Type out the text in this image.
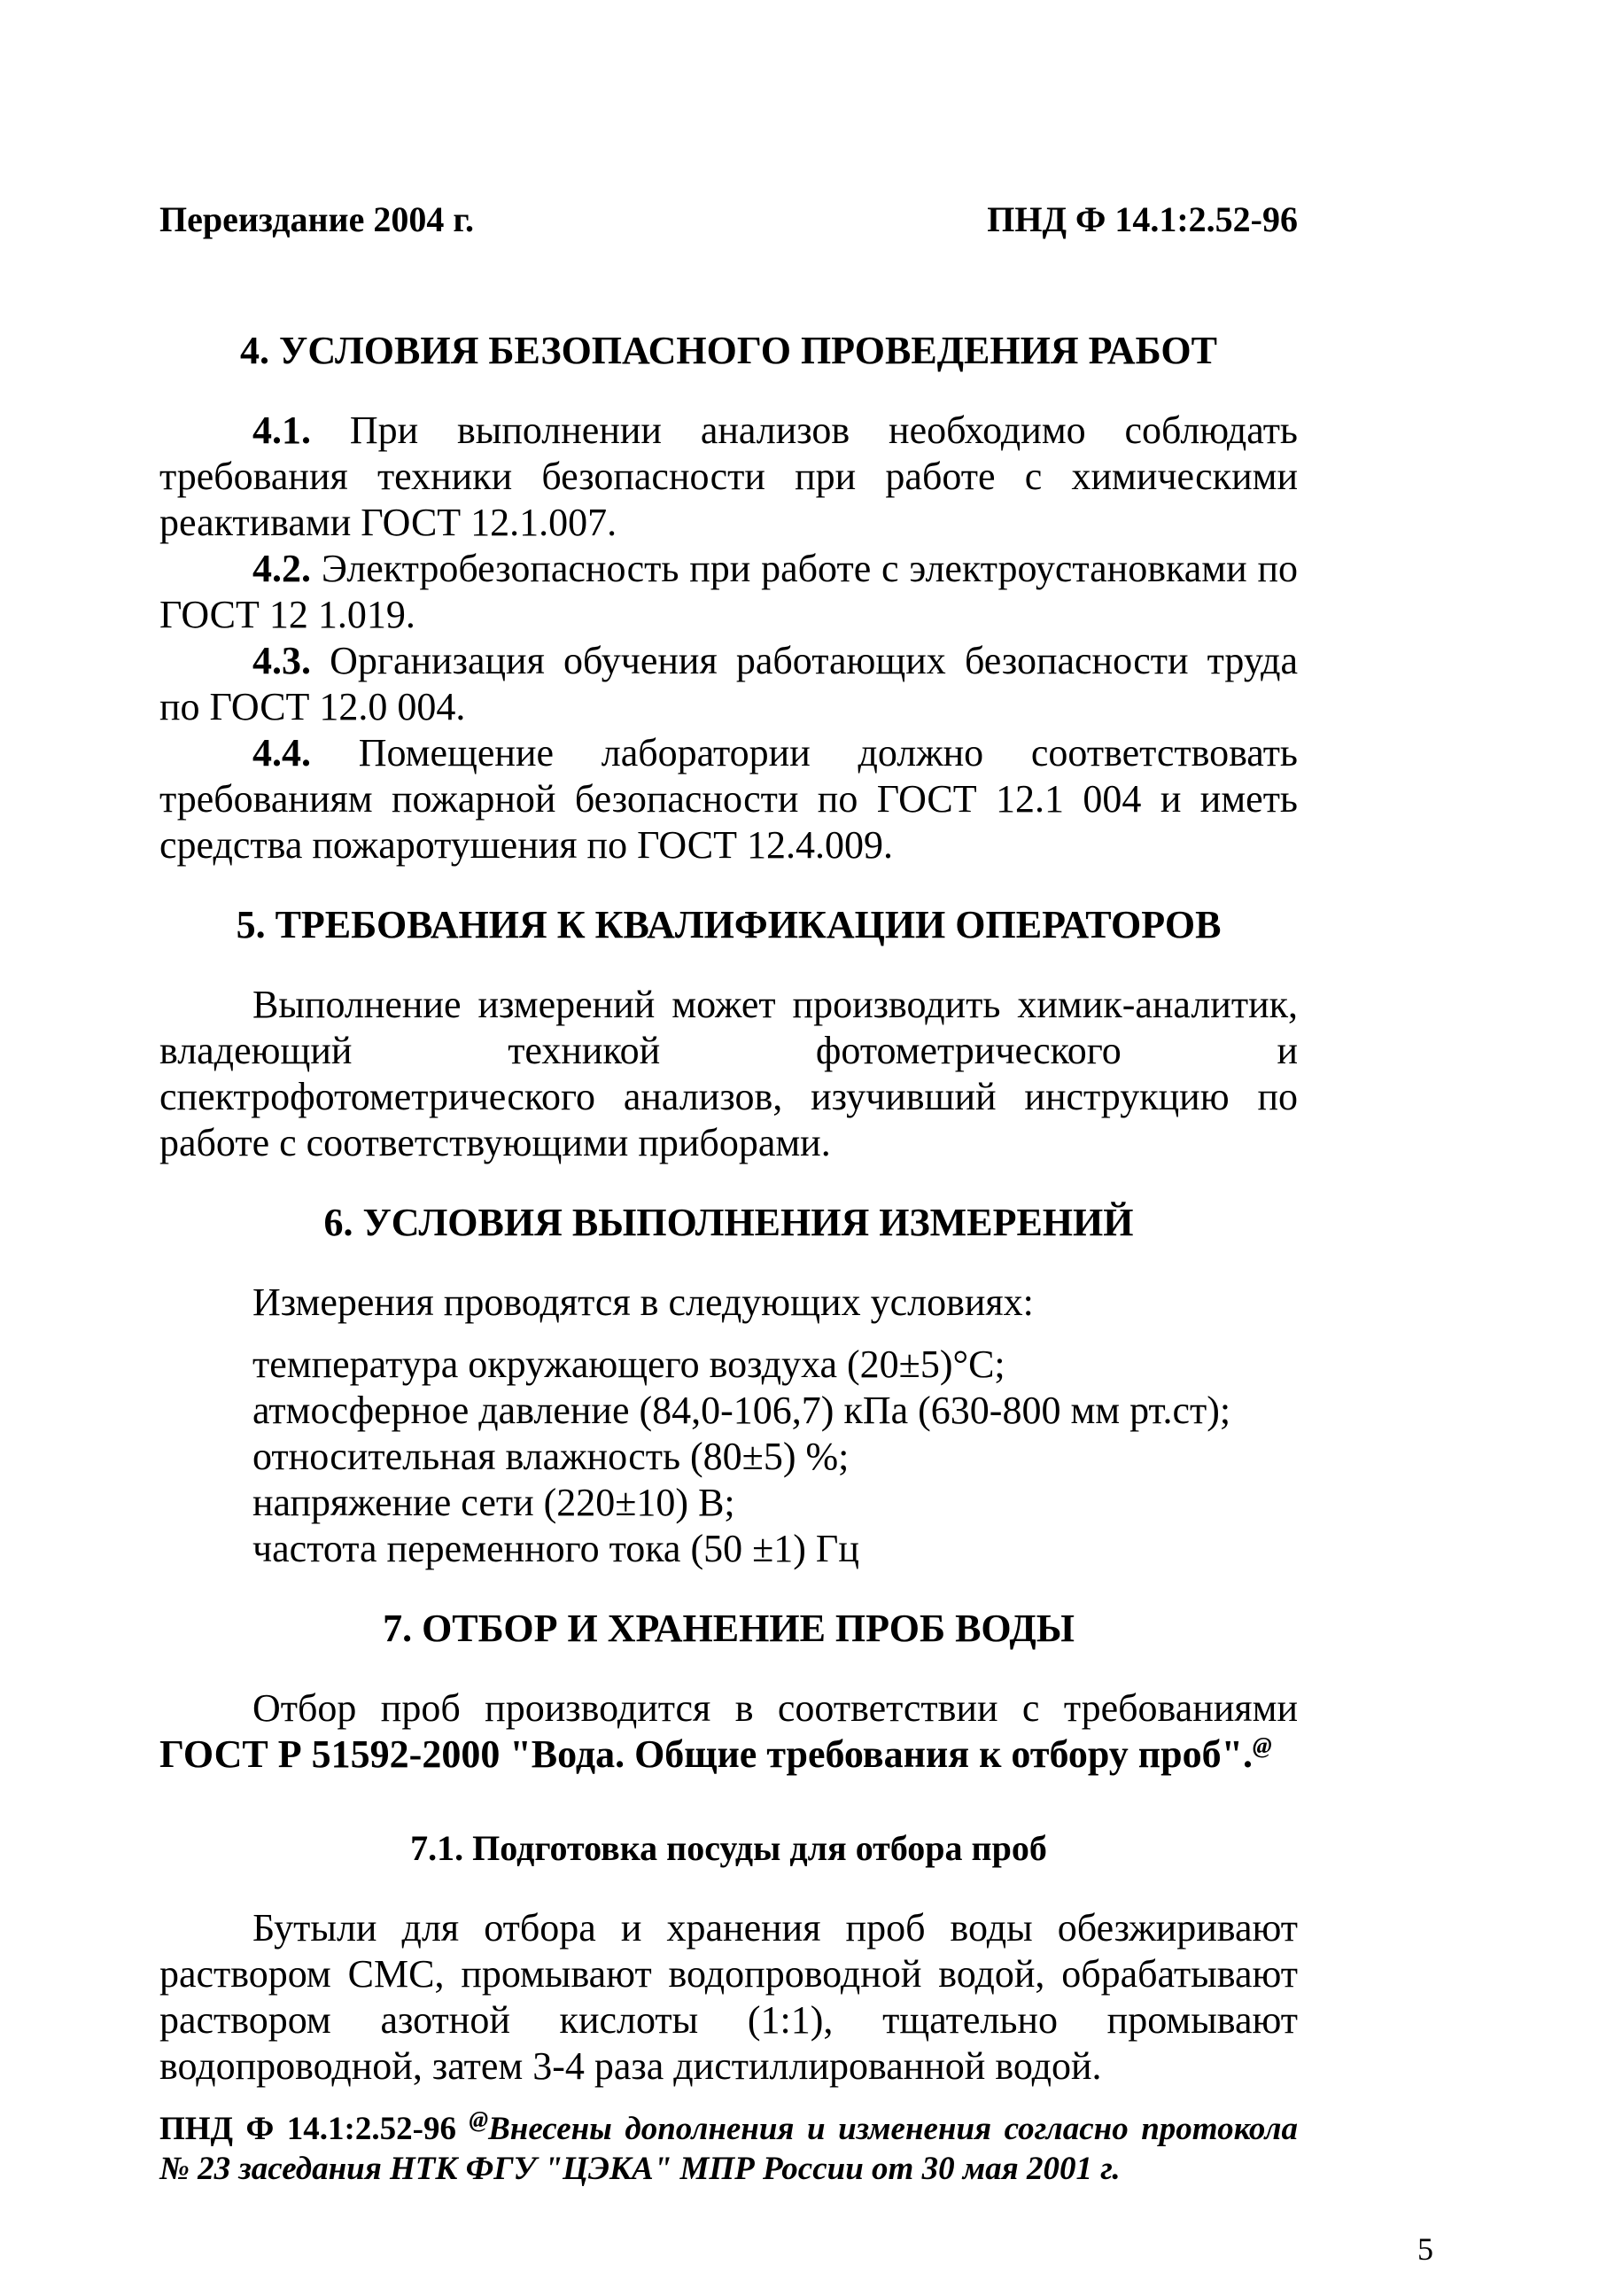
Переиздание 2004 г.	ПНД Ф 14.1:2.52-96
4. УСЛОВИЯ БЕЗОПАСНОГО ПРОВЕДЕНИЯ РАБОТ

4.1. При выполнении анализов необходимо соблюдать требования техники безопасности при работе с химическими реактивами ГОСТ 12.1.007.

4.2. Электробезопасность при работе с электроустановками по ГОСТ 12 1.019.

4.3. Организация обучения работающих безопасности труда по ГОСТ 12.0 004.

4.4. Помещение лаборатории должно соответствовать требованиям пожарной безопасности по ГОСТ 12.1 004 и иметь средства пожаротушения по ГОСТ 12.4.009.

5. ТРЕБОВАНИЯ К КВАЛИФИКАЦИИ ОПЕРАТОРОВ

Выполнение измерений может производить химик-аналитик, владеющий техникой фотометрического и спектрофотометрического анализов, изучивший инструкцию по работе с соответствующими приборами.

6. УСЛОВИЯ ВЫПОЛНЕНИЯ ИЗМЕРЕНИЙ

Измерения проводятся в следующих условиях:

температура окружающего воздуха (20±5)°С;
атмосферное давление (84,0-106,7) кПа (630-800 мм рт.ст);
относительная влажность (80±5) %;
напряжение сети (220±10) В;
частота переменного тока (50 ±1) Гц
7. ОТБОР И ХРАНЕНИЕ ПРОБ ВОДЫ

Отбор проб производится в соответствии с требованиями ГОСТ Р 51592-2000 "Вода. Общие требования к отбору проб".@

7.1. Подготовка посуды для отбора проб

Бутыли для отбора и хранения проб воды обезжиривают раствором СМС, промывают водопроводной водой, обрабатывают раствором азотной кислоты (1:1), тщательно промывают водопроводной, затем 3-4 раза дистиллированной водой.

ПНД Ф 14.1:2.52-96 @Внесены дополнения и изменения согласно протокола № 23 заседания НТК ФГУ "ЦЭКА" МПР России от 30 мая 2001 г.
5
